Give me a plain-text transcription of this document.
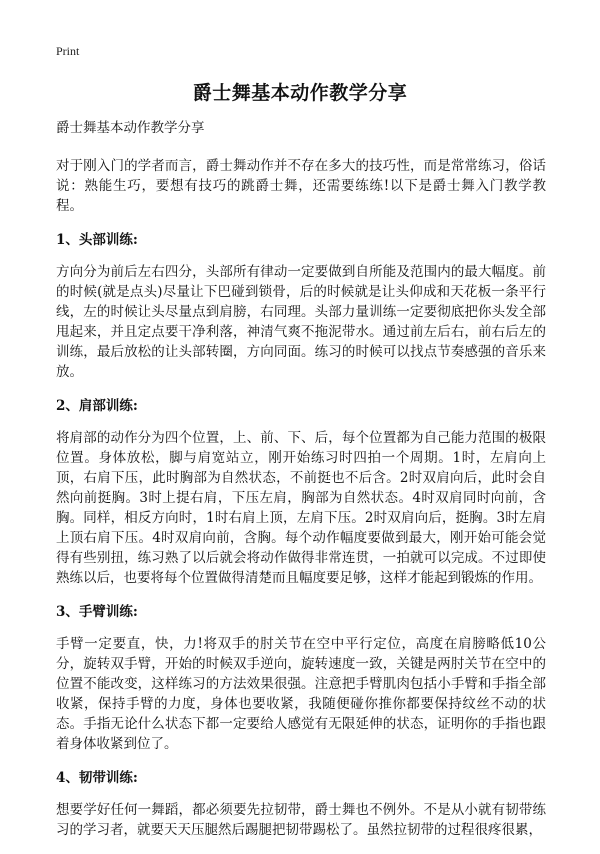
Print
爵士舞基本动作教学分享

爵士舞基本动作教学分享

对于刚入门的学者而言，爵士舞动作并不存在多大的技巧性，而是常常练习，俗话说：熟能生巧，要想有技巧的跳爵士舞，还需要练练!以下是爵士舞入门教学教程。

1、头部训练:

方向分为前后左右四分，头部所有律动一定要做到自所能及范围内的最大幅度。前的时候(就是点头)尽量让下巴碰到锁骨，后的时候就是让头仰成和天花板一条平行线，左的时候让头尽量点到肩膀，右同理。头部力量训练一定要彻底把你头发全部甩起来，并且定点要干净利落，神清气爽不拖泥带水。通过前左后右，前右后左的训练，最后放松的让头部转圈，方向同面。练习的时候可以找点节奏感强的音乐来放。

2、肩部训练:

将肩部的动作分为四个位置，上、前、下、后，每个位置都为自己能力范围的极限位置。身体放松，脚与肩宽站立，刚开始练习时四拍一个周期。1时，左肩向上顶，右肩下压，此时胸部为自然状态，不前挺也不后含。2时双肩向后，此时会自然向前挺胸。3时上提右肩，下压左肩，胸部为自然状态。4时双肩同时向前，含胸。同样，相反方向时，1时右肩上顶，左肩下压。2时双肩向后，挺胸。3时左肩上顶右肩下压。4时双肩向前，含胸。每个动作幅度要做到最大，刚开始可能会觉得有些别扭，练习熟了以后就会将动作做得非常连贯，一拍就可以完成。不过即使熟练以后，也要将每个位置做得清楚而且幅度要足够，这样才能起到锻炼的作用。

3、手臂训练:

手臂一定要直，快，力!将双手的肘关节在空中平行定位，高度在肩膀略低10公分，旋转双手臂，开始的时候双手逆向，旋转速度一致，关键是两肘关节在空中的位置不能改变，这样练习的方法效果很强。注意把手臂肌肉包括小手臂和手指全部收紧，保持手臂的力度，身体也要收紧，我随便碰你推你都要保持纹丝不动的状态。手指无论什么状态下都一定要给人感觉有无限延伸的状态，证明你的手指也跟着身体收紧到位了。

4、韧带训练:

想要学好任何一舞蹈，都必须要先拉韧带，爵士舞也不例外。不是从小就有韧带练习的学习者，就要天天压腿然后踢腿把韧带踢松了。虽然拉韧带的过程很疼很累，
